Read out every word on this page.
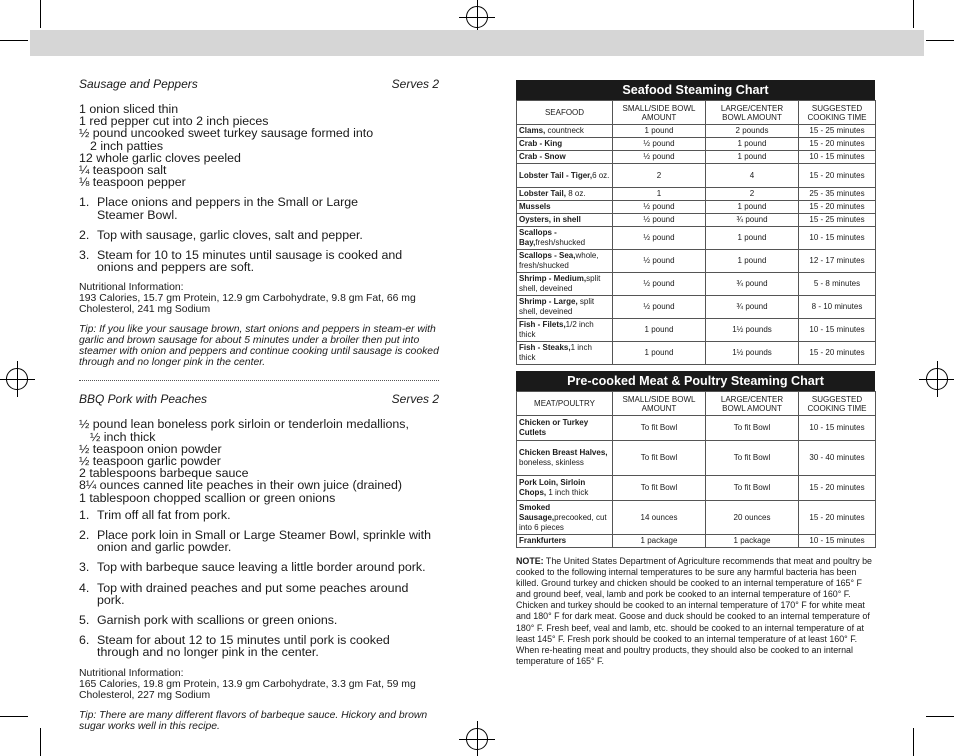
Sausage and Peppers	Serves 2
1 onion sliced thin
1 red pepper cut into 2 inch pieces
½ pound uncooked sweet turkey sausage formed into
2 inch patties
12 whole garlic cloves peeled
¼ teaspoon salt
⅛ teaspoon pepper
1. Place onions and peppers in the Small or Large Steamer Bowl.
2. Top with sausage, garlic cloves, salt and pepper.
3. Steam for 10 to 15 minutes until sausage is cooked and onions and peppers are soft.
Nutritional Information:
193 Calories, 15.7 gm Protein, 12.9 gm Carbohydrate, 9.8 gm Fat, 66 mg Cholesterol, 241 mg Sodium
Tip: If you like your sausage brown, start onions and peppers in steam-er with garlic and brown sausage for about 5 minutes under a broiler then put into steamer with onion and peppers and continue cooking until sausage is cooked through and no longer pink in the center.
BBQ Pork with Peaches	Serves 2
½ pound lean boneless pork sirloin or tenderloin medallions,
½ inch thick
½ teaspoon onion powder
½ teaspoon garlic powder
2 tablespoons barbeque sauce
8¼ ounces canned lite peaches in their own juice (drained)
1 tablespoon chopped scallion or green onions
1. Trim off all fat from pork.
2. Place pork loin in Small or Large Steamer Bowl, sprinkle with onion and garlic powder.
3. Top with barbeque sauce leaving a little border around pork.
4. Top with drained peaches and put some peaches around pork.
5. Garnish pork with scallions or green onions.
6. Steam for about 12 to 15 minutes until pork is cooked through and no longer pink in the center.
Nutritional Information:
165 Calories, 19.8 gm Protein, 13.9 gm Carbohydrate, 3.3 gm Fat, 59 mg Cholesterol, 227 mg Sodium
Tip: There are many different flavors of barbeque sauce. Hickory and brown sugar works well in this recipe.
Seafood Steaming Chart
SEAFOOD	SMALL/SIDE BOWL AMOUNT	LARGE/CENTER BOWL AMOUNT	SUGGESTED COOKING TIME
Clams, countneck	1 pound	2 pounds	15 - 25 minutes
Crab - King	½ pound	1 pound	15 - 20 minutes
Crab - Snow	½ pound	1 pound	10 - 15 minutes
Lobster Tail - Tiger,6 oz.	2	4	15 - 20 minutes
Lobster Tail, 8 oz.	1	2	25 - 35 minutes
Mussels	½ pound	1 pound	15 - 20 minutes
Oysters, in shell	½ pound	¾ pound	15 - 25 minutes
Scallops - Bay,fresh/shucked	½ pound	1 pound	10 - 15 minutes
Scallops - Sea,whole, fresh/shucked	½ pound	1 pound	12 - 17 minutes
Shrimp - Medium,split shell, deveined	½ pound	¾ pound	5 - 8 minutes
Shrimp - Large, split shell, deveined	½ pound	¾ pound	8 - 10 minutes
Fish - Filets,1/2 inch thick	1 pound	1½ pounds	10 - 15 minutes
Fish - Steaks,1 inch thick	1 pound	1½ pounds	15 - 20 minutes
Pre-cooked Meat & Poultry Steaming Chart
MEAT/POULTRY	SMALL/SIDE BOWL AMOUNT	LARGE/CENTER BOWL AMOUNT	SUGGESTED COOKING TIME
Chicken or Turkey Cutlets	To fit Bowl	To fit Bowl	10 - 15 minutes
Chicken Breast Halves, boneless, skinless	To fit Bowl	To fit Bowl	30 - 40 minutes
Pork Loin, Sirloin Chops, 1 inch thick	To fit Bowl	To fit Bowl	15 - 20 minutes
Smoked Sausage,precooked, cut into 6 pieces	14 ounces	20 ounces	15 - 20 minutes
Frankfurters	1 package	1 package	10 - 15 minutes
NOTE: The United States Department of Agriculture recommends that meat and poultry be cooked to the following internal temperatures to be sure any harmful bacteria has been killed. Ground turkey and chicken should be cooked to an internal temperature of 165° F and ground beef, veal, lamb and pork be cooked to an internal temperature of 160° F. Chicken and turkey should be cooked to an internal temperature of 170° F for white meat and 180° F for dark meat. Goose and duck should be cooked to an internal temperature of 180° F. Fresh beef, veal and lamb, etc. should be cooked to an internal temperature of at least 145° F. Fresh pork should be cooked to an internal temperature of at least 160° F. When re-heating meat and poultry products, they should also be cooked to an internal temperature of 165° F.
